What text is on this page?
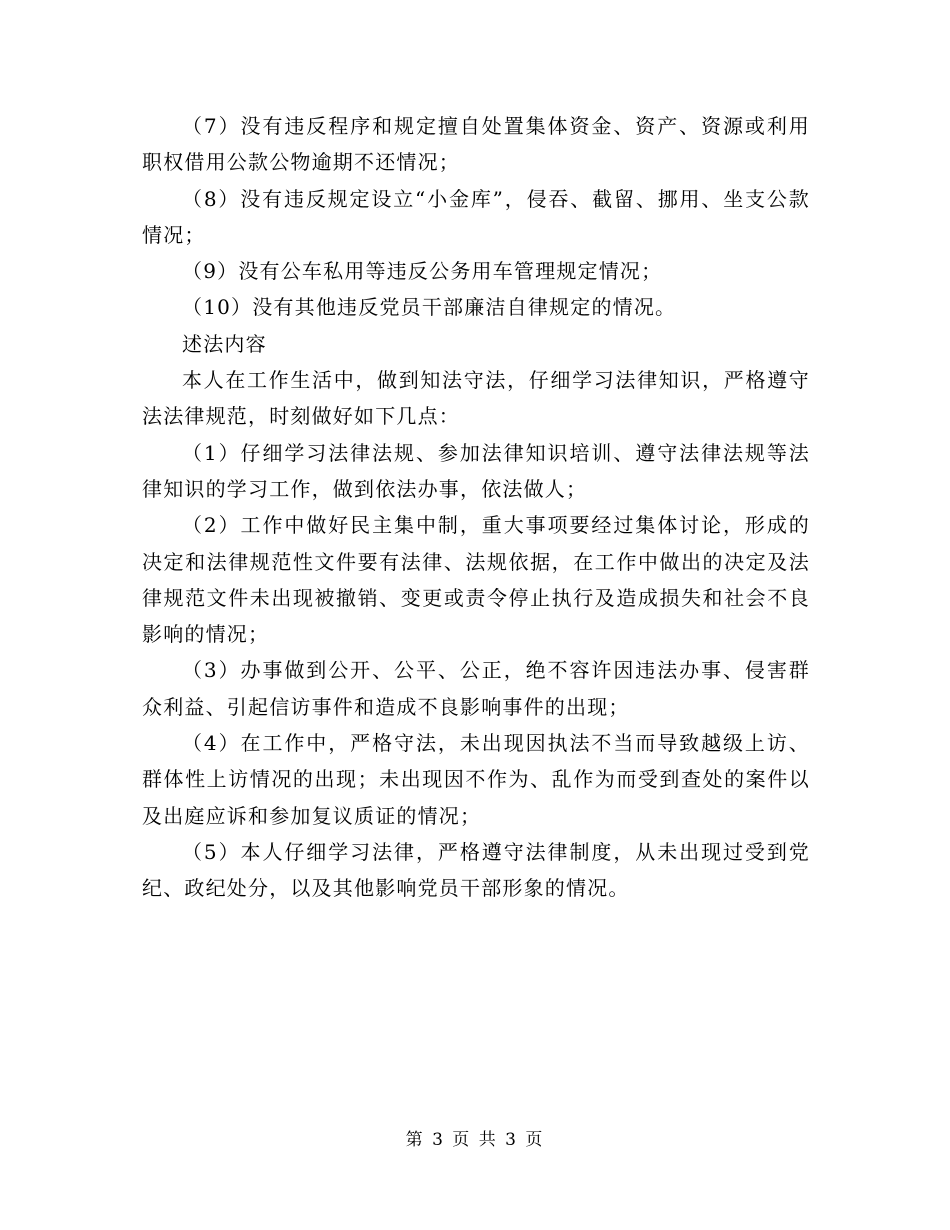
（7）没有违反程序和规定擅自处置集体资金、资产、资源或利用职权借用公款公物逾期不还情况；

（8）没有违反规定设立“小金库”，侵吞、截留、挪用、坐支公款情况；

（9）没有公车私用等违反公务用车管理规定情况；

（10）没有其他违反党员干部廉洁自律规定的情况。

述法内容

本人在工作生活中，做到知法守法，仔细学习法律知识，严格遵守法法律规范，时刻做好如下几点：

（1）仔细学习法律法规、参加法律知识培训、遵守法律法规等法律知识的学习工作，做到依法办事，依法做人；

（2）工作中做好民主集中制，重大事项要经过集体讨论，形成的决定和法律规范性文件要有法律、法规依据，在工作中做出的决定及法律规范文件未出现被撤销、变更或责令停止执行及造成损失和社会不良影响的情况；

（3）办事做到公开、公平、公正，绝不容许因违法办事、侵害群众利益、引起信访事件和造成不良影响事件的出现；

（4）在工作中，严格守法，未出现因执法不当而导致越级上访、群体性上访情况的出现；未出现因不作为、乱作为而受到查处的案件以及出庭应诉和参加复议质证的情况；

（5）本人仔细学习法律，严格遵守法律制度，从未出现过受到党纪、政纪处分，以及其他影响党员干部形象的情况。

第 3 页 共 3 页
